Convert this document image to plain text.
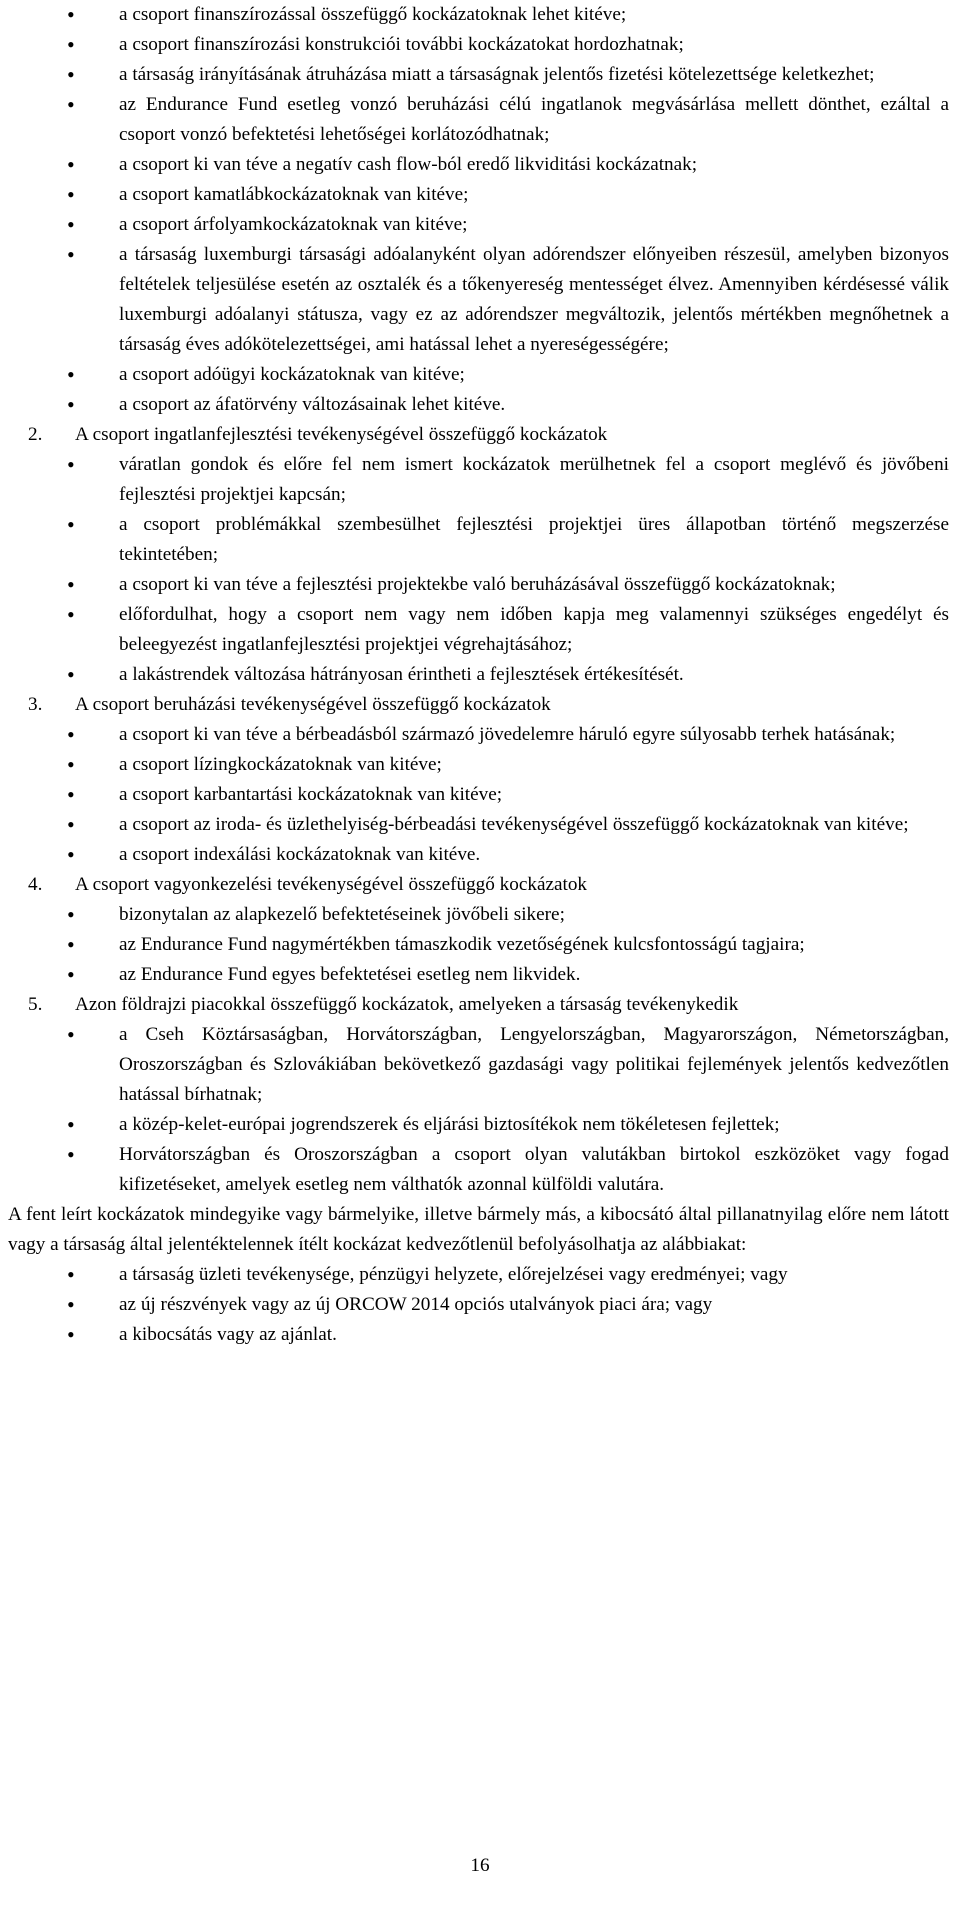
• a csoport finanszírozással összefüggő kockázatoknak lehet kitéve;
• a csoport finanszírozási konstrukciói további kockázatokat hordozhatnak;
• a társaság irányításának átruházása miatt a társaságnak jelentős fizetési kötelezettsége keletkezhet;
• az Endurance Fund esetleg vonzó beruházási célú ingatlanok megvásárlása mellett dönthet, ezáltal a csoport vonzó befektetési lehetőségei korlátozódhatnak;
• a csoport ki van téve a negatív cash flow-ból eredő likviditási kockázatnak;
• a csoport kamatlábkockázatoknak van kitéve;
• a csoport árfolyamkockázatoknak van kitéve;
• a társaság luxemburgi társasági adóalanyként olyan adórendszer előnyeiben részesül, amelyben bizonyos feltételek teljesülése esetén az osztalék és a tőkenyereség mentességet élvez. Amennyiben kérdésessé válik luxemburgi adóalanyi státusza, vagy ez az adórendszer megváltozik, jelentős mértékben megnőhetnek a társaság éves adókötelezettségei, ami hatással lehet a nyereségességére;
• a csoport adóügyi kockázatoknak van kitéve;
• a csoport az áfatörvény változásainak lehet kitéve.
2. A csoport ingatlanfejlesztési tevékenységével összefüggő kockázatok
• váratlan gondok és előre fel nem ismert kockázatok merülhetnek fel a csoport meglévő és jövőbeni fejlesztési projektjei kapcsán;
• a csoport problémákkal szembesülhet fejlesztési projektjei üres állapotban történő megszerzése tekintetében;
• a csoport ki van téve a fejlesztési projektekbe való beruházásával összefüggő kockázatoknak;
• előfordulhat, hogy a csoport nem vagy nem időben kapja meg valamennyi szükséges engedélyt és beleegyezést ingatlanfejlesztési projektjei végrehajtásához;
• a lakástrendek változása hátrányosan érintheti a fejlesztések értékesítését.
3. A csoport beruházási tevékenységével összefüggő kockázatok
• a csoport ki van téve a bérbeadásból származó jövedelemre háruló egyre súlyosabb terhek hatásának;
• a csoport lízingkockázatoknak van kitéve;
• a csoport karbantartási kockázatoknak van kitéve;
• a csoport az iroda- és üzlethelyiség-bérbeadási tevékenységével összefüggő kockázatoknak van kitéve;
• a csoport indexálási kockázatoknak van kitéve.
4. A csoport vagyonkezelési tevékenységével összefüggő kockázatok
• bizonytalan az alapkezelő befektetéseinek jövőbeli sikere;
• az Endurance Fund nagymértékben támaszkodik vezetőségének kulcsfontosságú tagjaira;
• az Endurance Fund egyes befektetései esetleg nem likvidek.
5. Azon földrajzi piacokkal összefüggő kockázatok, amelyeken a társaság tevékenykedik
• a Cseh Köztársaságban, Horvátországban, Lengyelországban, Magyarországon, Németországban, Oroszországban és Szlovákiában bekövetkező gazdasági vagy politikai fejlemények jelentős kedvezőtlen hatással bírhatnak;
• a közép-kelet-európai jogrendszerek és eljárási biztosítékok nem tökéletesen fejlettek;
• Horvátországban és Oroszországban a csoport olyan valutákban birtokol eszközöket vagy fogad kifizetéseket, amelyek esetleg nem válthatók azonnal külföldi valutára.

A fent leírt kockázatok mindegyike vagy bármelyike, illetve bármely más, a kibocsátó által pillanatnyilag előre nem látott vagy a társaság által jelentéktelennek ítélt kockázat kedvezőtlenül befolyásolhatja az alábbiakat:

• a társaság üzleti tevékenysége, pénzügyi helyzete, előrejelzései vagy eredményei; vagy
• az új részvények vagy az új ORCOW 2014 opciós utalványok piaci ára; vagy
• a kibocsátás vagy az ajánlat.
16
